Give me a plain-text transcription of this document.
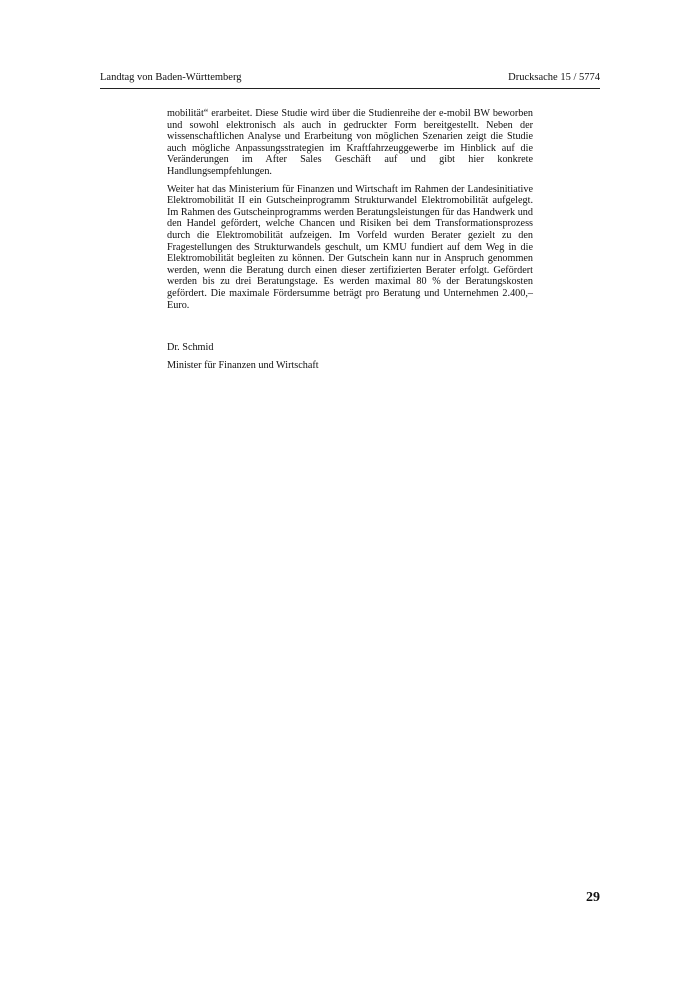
Landtag von Baden-Württemberg	Drucksache 15 / 5774

mobilität“ erarbeitet. Diese Studie wird über die Studienreihe der e-mobil BW beworben und sowohl elektronisch als auch in gedruckter Form bereitgestellt. Neben der wissenschaftlichen Analyse und Erarbeitung von möglichen Szenarien zeigt die Studie auch mögliche Anpassungsstrategien im Kraftfahrzeuggewerbe im Hinblick auf die Veränderungen im After Sales Geschäft auf und gibt hier konkrete Handlungsempfehlungen.

Weiter hat das Ministerium für Finanzen und Wirtschaft im Rahmen der Landesinitiative Elektromobilität II ein Gutscheinprogramm Strukturwandel Elektromobilität aufgelegt. Im Rahmen des Gutscheinprogramms werden Beratungsleistungen für das Handwerk und den Handel gefördert, welche Chancen und Risiken bei dem Transformationsprozess durch die Elektromobilität aufzeigen. Im Vorfeld wurden Berater gezielt zu den Fragestellungen des Strukturwandels geschult, um KMU fundiert auf dem Weg in die Elektromobilität begleiten zu können. Der Gutschein kann nur in Anspruch genommen werden, wenn die Beratung durch einen dieser zertifizierten Berater erfolgt. Gefördert werden bis zu drei Beratungstage. Es werden maximal 80 % der Beratungskosten gefördert. Die maximale Fördersumme beträgt pro Beratung und Unternehmen 2.400,– Euro.

Dr. Schmid

Minister für Finanzen und Wirtschaft

29
